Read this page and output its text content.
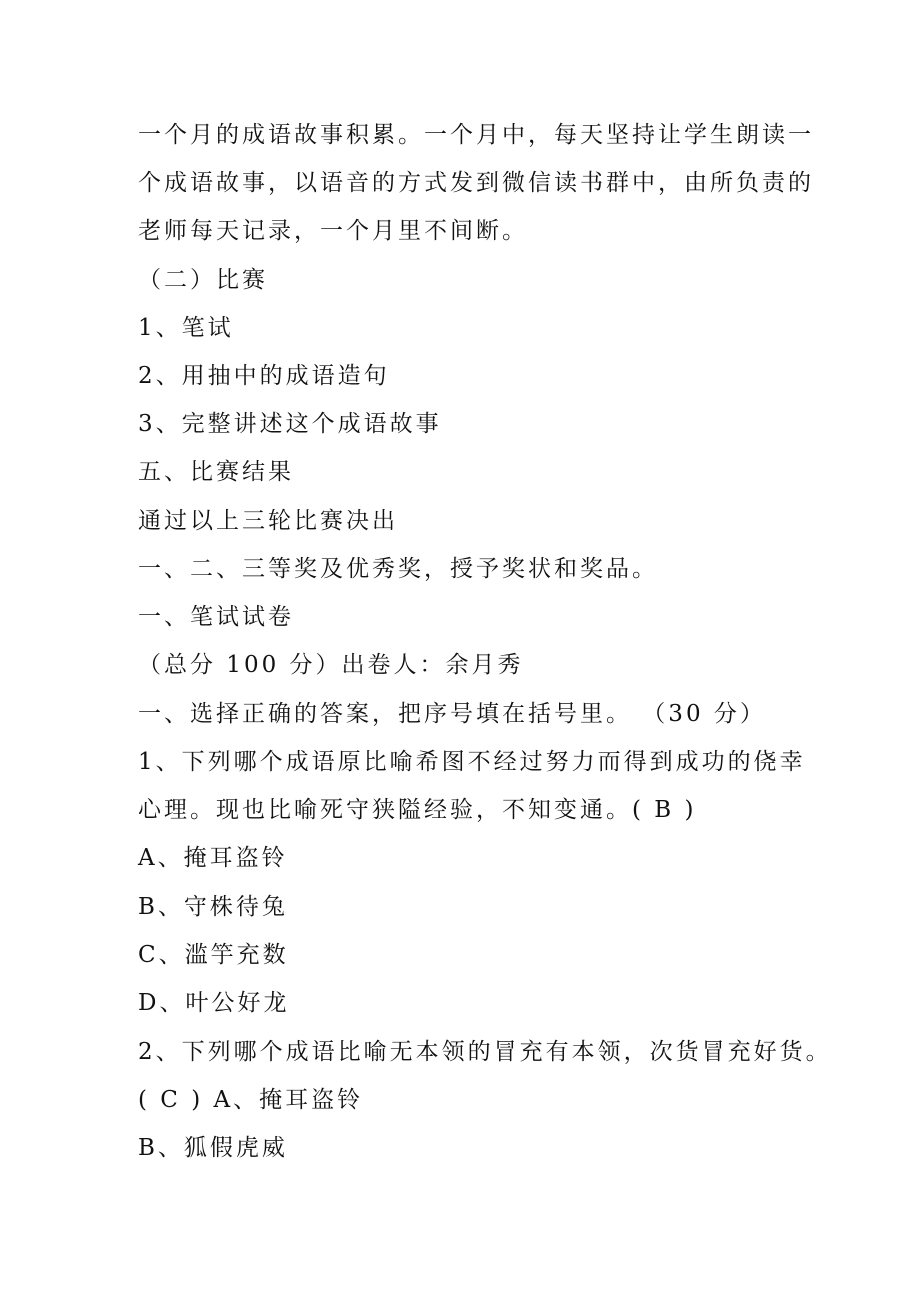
一个月的成语故事积累。一个月中，每天坚持让学生朗读一
个成语故事，以语音的方式发到微信读书群中，由所负责的
老师每天记录，一个月里不间断。
（二）比赛
1、笔试
2、用抽中的成语造句
3、完整讲述这个成语故事
五、比赛结果
通过以上三轮比赛决出
一、二、三等奖及优秀奖，授予奖状和奖品。
一、笔试试卷
（总分 100 分）出卷人：余月秀
一、选择正确的答案，把序号填在括号里。 （30 分）
1、下列哪个成语原比喻希图不经过努力而得到成功的侥幸
心理。现也比喻死守狭隘经验，不知变通。( B )
A、掩耳盗铃
B、守株待兔
C、滥竽充数
D、叶公好龙
2、下列哪个成语比喻无本领的冒充有本领，次货冒充好货。
( C ) A、掩耳盗铃
B、狐假虎威
